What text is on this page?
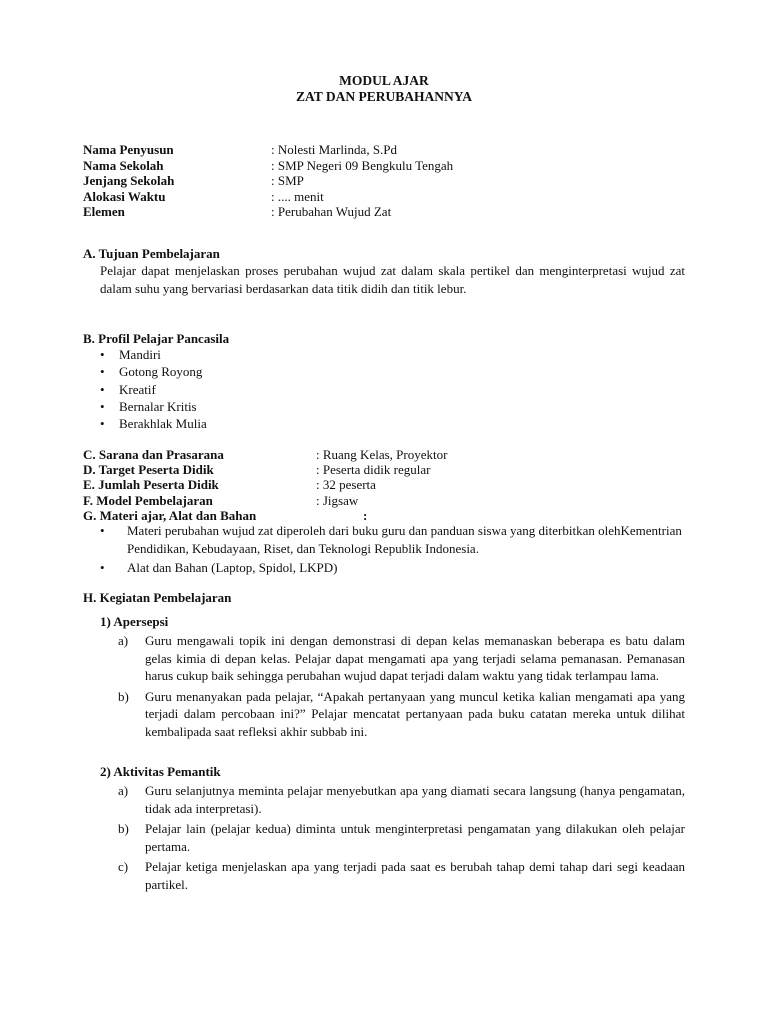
MODUL AJAR
ZAT DAN PERUBAHANNYA
Nama Penyusun	: Nolesti Marlinda, S.Pd
Nama Sekolah	: SMP Negeri 09 Bengkulu Tengah
Jenjang Sekolah	: SMP
Alokasi Waktu	: .... menit
Elemen	: Perubahan Wujud Zat
A. Tujuan Pembelajaran
Pelajar dapat menjelaskan proses perubahan wujud zat dalam skala pertikel dan menginterpretasi wujud zat dalam suhu yang bervariasi berdasarkan data titik didih dan titik lebur.
B. Profil Pelajar Pancasila
• Mandiri
• Gotong Royong
• Kreatif
• Bernalar Kritis
• Berakhlak Mulia
C. Sarana dan Prasarana	: Ruang Kelas, Proyektor
D. Target Peserta Didik	: Peserta didik regular
E. Jumlah Peserta Didik	: 32 peserta
F. Model Pembelajaran	: Jigsaw
G. Materi ajar, Alat dan Bahan	:
• Materi perubahan wujud zat diperoleh dari buku guru dan panduan siswa yang diterbitkan olehKementrian Pendidikan, Kebudayaan, Riset, dan Teknologi Republik Indonesia.
• Alat dan Bahan (Laptop, Spidol, LKPD)
H. Kegiatan Pembelajaran
1) Apersepsi
a) Guru mengawali topik ini dengan demonstrasi di depan kelas memanaskan beberapa es batu dalam gelas kimia di depan kelas. Pelajar dapat mengamati apa yang terjadi selama pemanasan. Pemanasan harus cukup baik sehingga perubahan wujud dapat terjadi dalam waktu yang tidak terlampau lama.
b) Guru menanyakan pada pelajar, “Apakah pertanyaan yang muncul ketika kalian mengamati apa yang terjadi dalam percobaan ini?” Pelajar mencatat pertanyaan pada buku catatan mereka untuk dilihat kembalipada saat refleksi akhir subbab ini.
2) Aktivitas Pemantik
a) Guru selanjutnya meminta pelajar menyebutkan apa yang diamati secara langsung (hanya pengamatan, tidak ada interpretasi).
b) Pelajar lain (pelajar kedua) diminta untuk menginterpretasi pengamatan yang dilakukan oleh pelajar pertama.
c) Pelajar ketiga menjelaskan apa yang terjadi pada saat es berubah tahap demi tahap dari segi keadaan partikel.
